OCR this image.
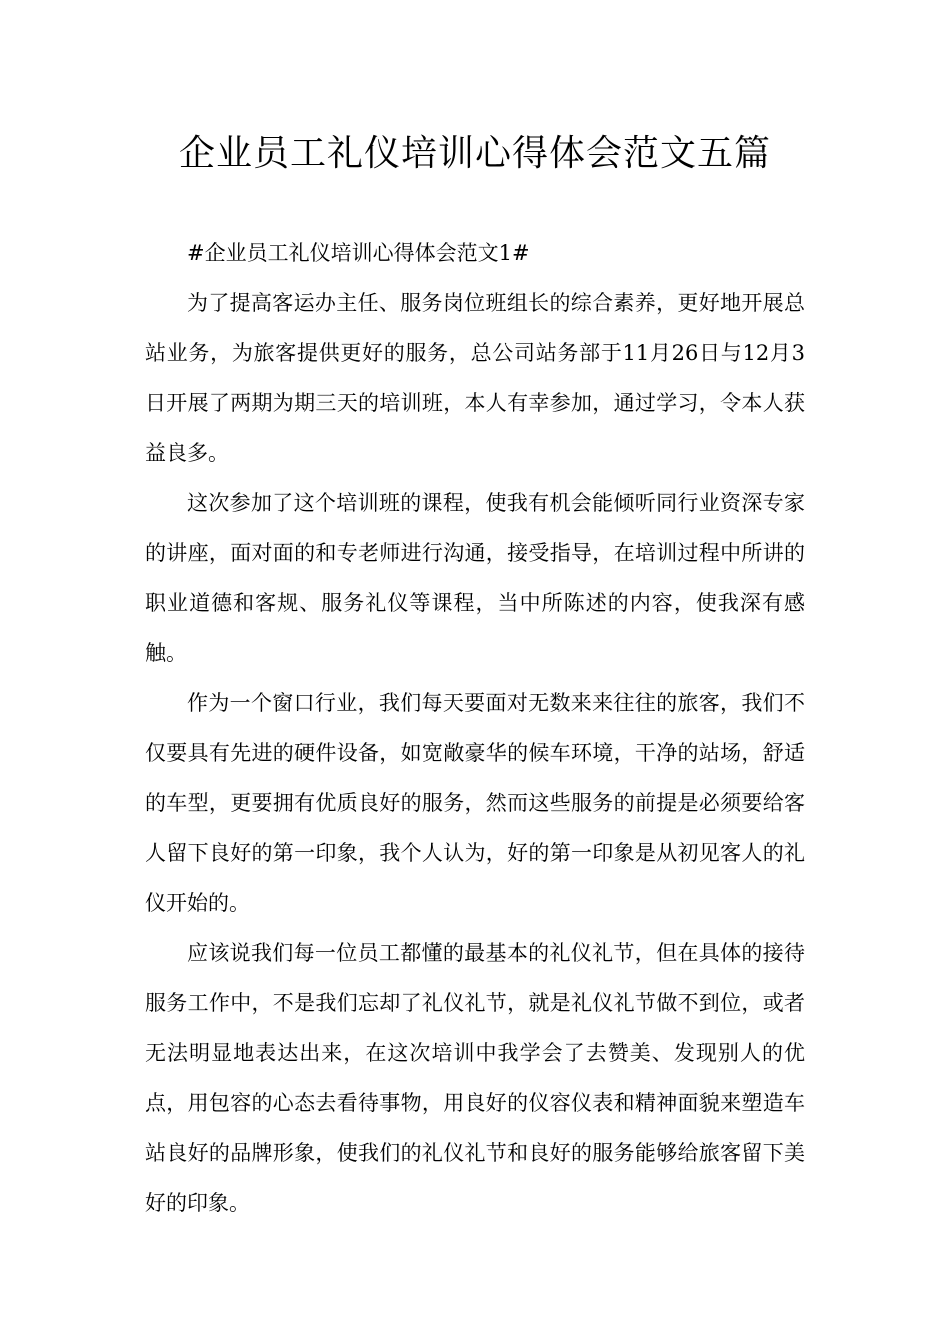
企业员工礼仪培训心得体会范文五篇

#企业员工礼仪培训心得体会范文1#

为了提高客运办主任、服务岗位班组长的综合素养，更好地开展总站业务，为旅客提供更好的服务，总公司站务部于11月26日与12月3日开展了两期为期三天的培训班，本人有幸参加，通过学习，令本人获益良多。

这次参加了这个培训班的课程，使我有机会能倾听同行业资深专家的讲座，面对面的和专老师进行沟通，接受指导，在培训过程中所讲的职业道德和客规、服务礼仪等课程，当中所陈述的内容，使我深有感触。

作为一个窗口行业，我们每天要面对无数来来往往的旅客，我们不仅要具有先进的硬件设备，如宽敞豪华的候车环境，干净的站场，舒适的车型，更要拥有优质良好的服务，然而这些服务的前提是必须要给客人留下良好的第一印象，我个人认为，好的第一印象是从初见客人的礼仪开始的。

应该说我们每一位员工都懂的最基本的礼仪礼节，但在具体的接待服务工作中，不是我们忘却了礼仪礼节，就是礼仪礼节做不到位，或者无法明显地表达出来，在这次培训中我学会了去赞美、发现别人的优点，用包容的心态去看待事物，用良好的仪容仪表和精神面貌来塑造车站良好的品牌形象，使我们的礼仪礼节和良好的服务能够给旅客留下美好的印象。
